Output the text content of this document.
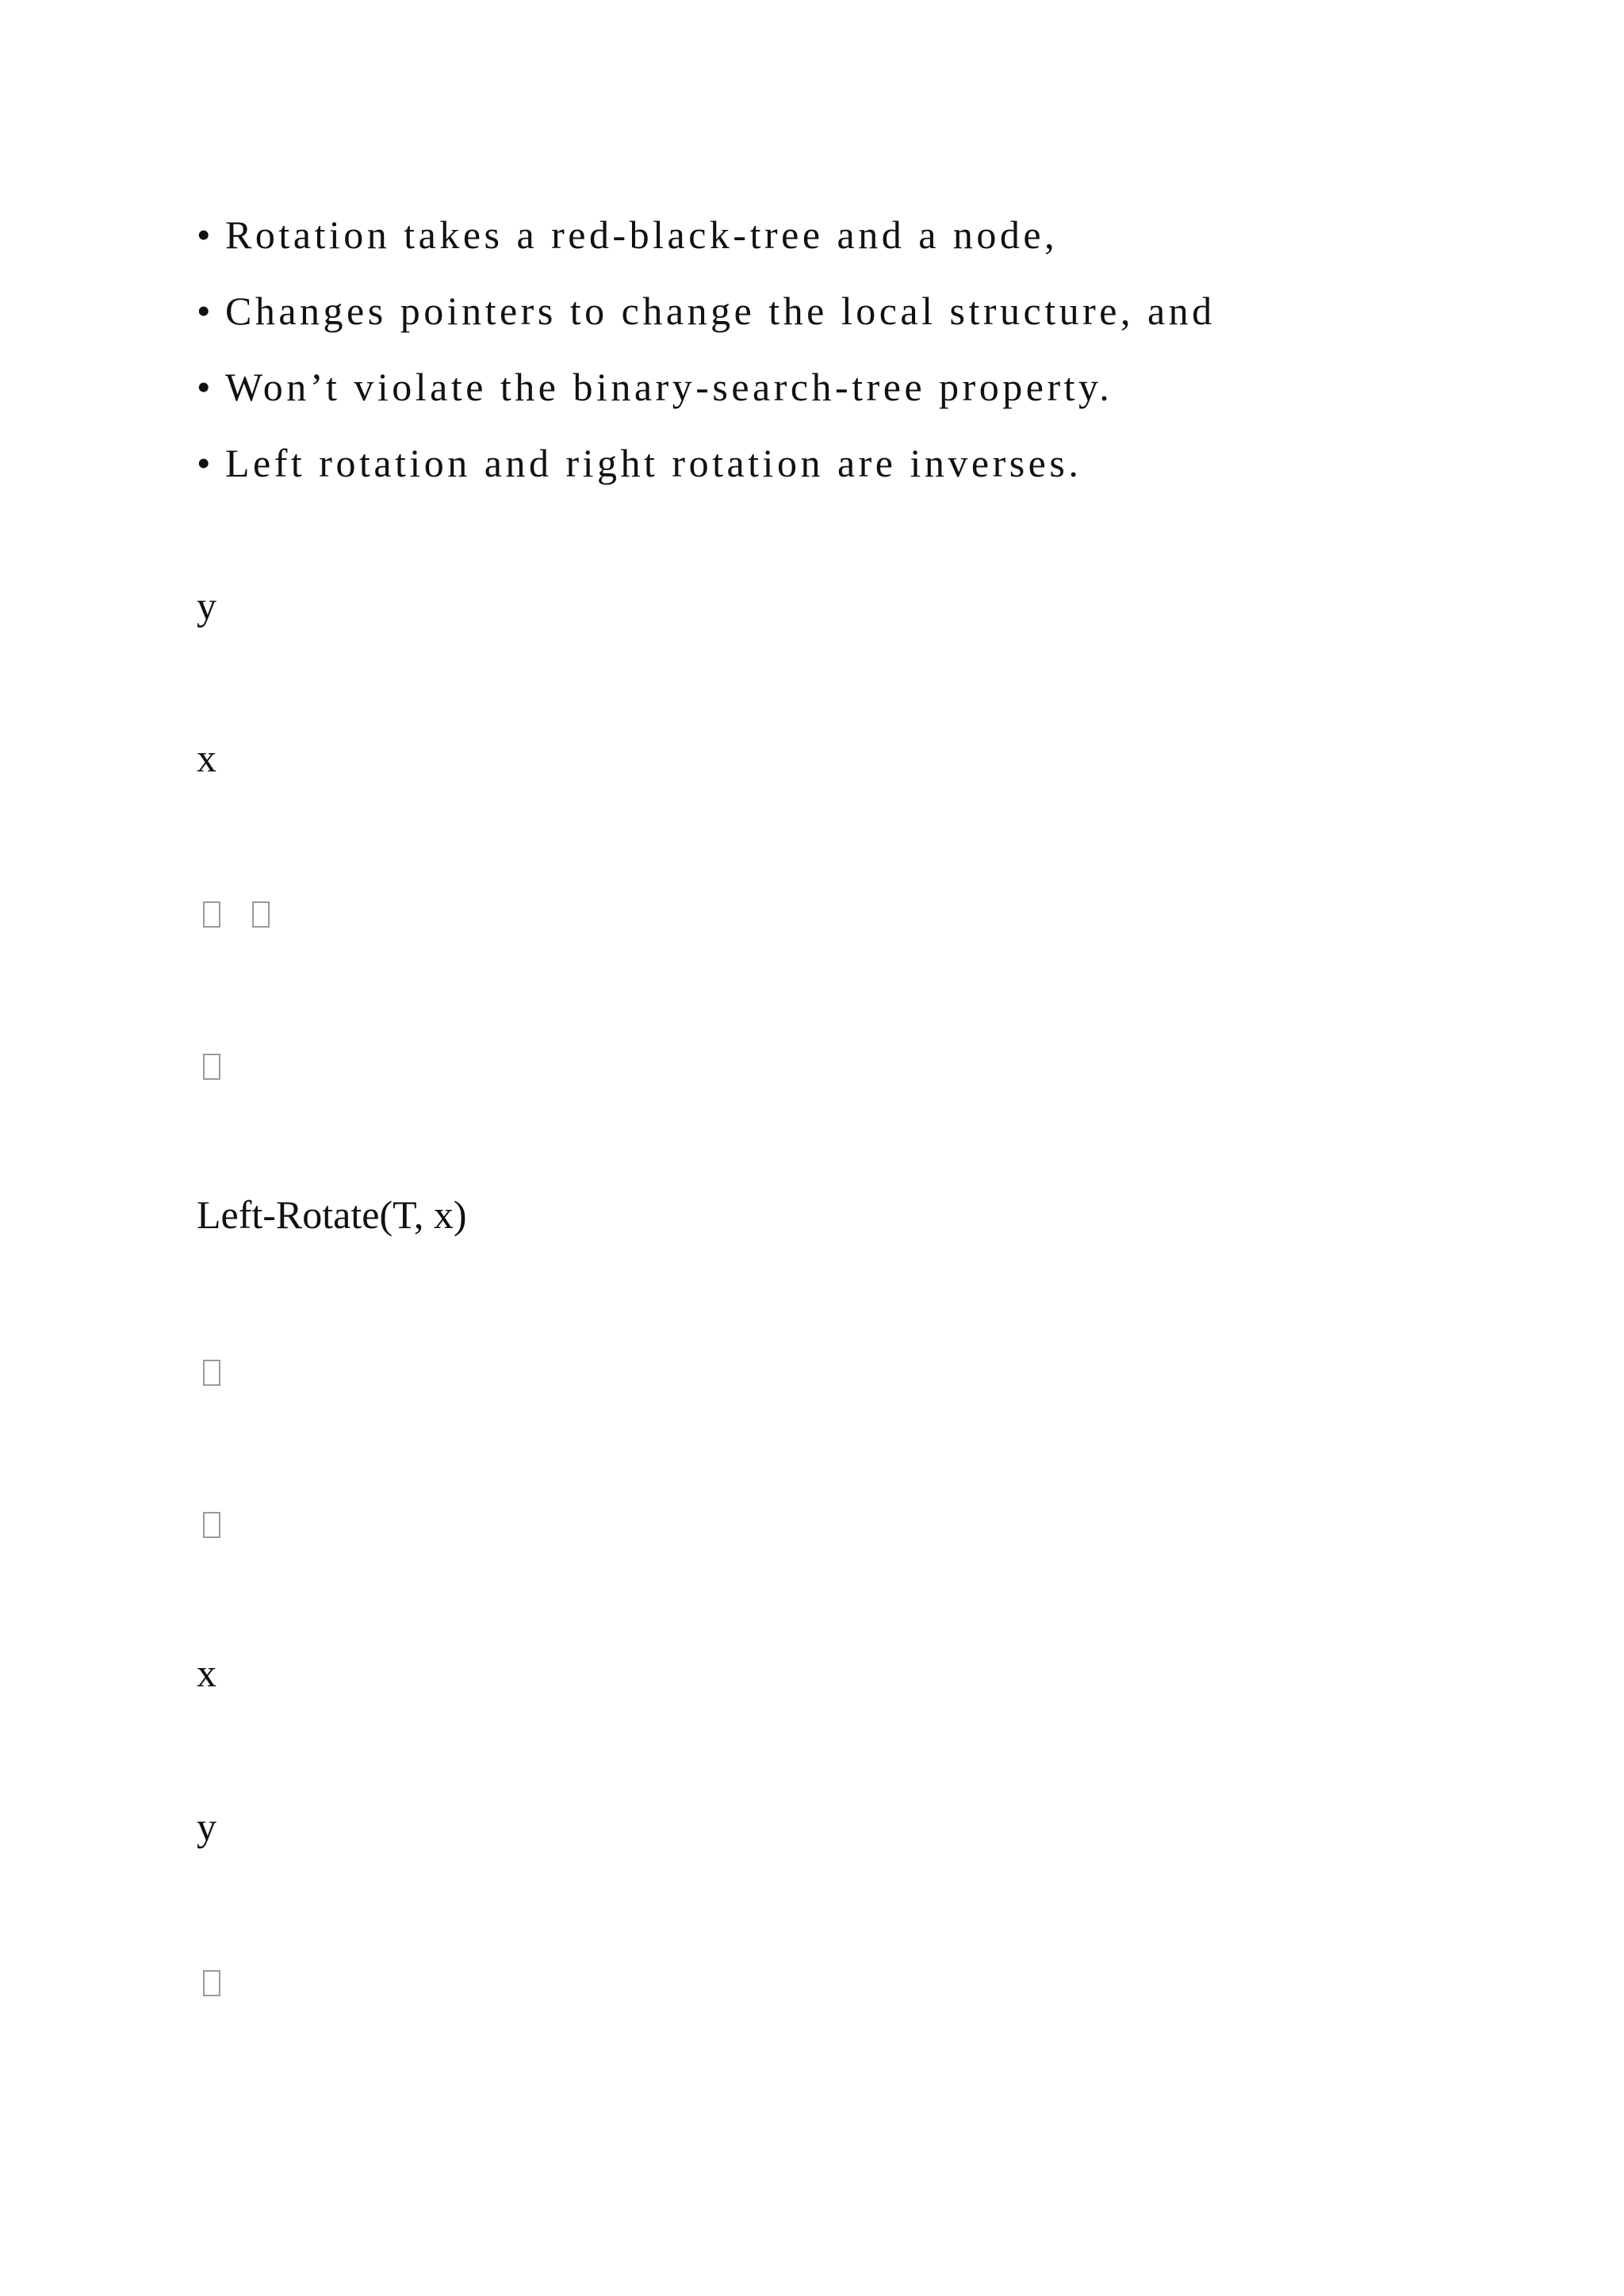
• Rotation takes a red-black-tree and a node,
• Changes pointers to change the local structure, and
• Won’t violate the binary-search-tree property.
• Left rotation and right rotation are inverses.
y
x
Left-Rotate(T, x)
x
y
